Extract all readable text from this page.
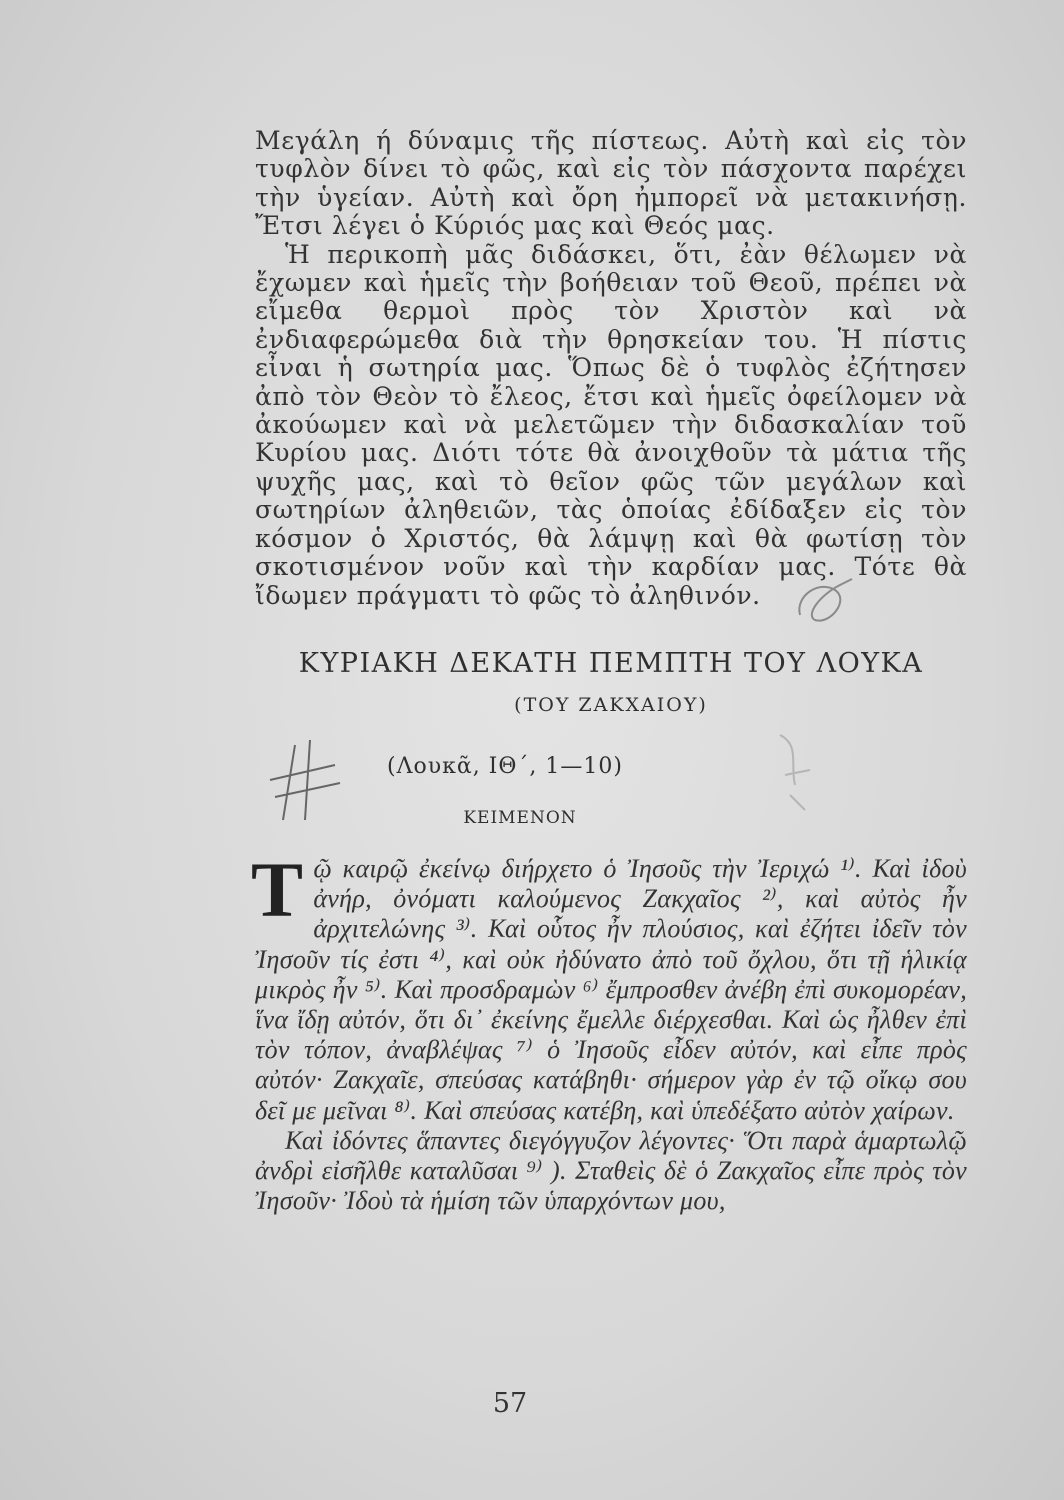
Μεγάλη ή δύναμις τῆς πίστεως. Αὐτὴ καὶ εἰς τὸν τυφλὸν δίνει τὸ φῶς, καὶ εἰς τὸν πάσχοντα παρέχει τὴν ὑγείαν. Αὐτὴ καὶ ὄρη ἠμπορεῖ νὰ μετακινήσῃ. Ἔτσι λέγει ὁ Κύριός μας καὶ Θεός μας.

Ἡ περικοπὴ μᾶς διδάσκει, ὅτι, ἐὰν θέλωμεν νὰ ἔχωμεν καὶ ἡμεῖς τὴν βοήθειαν τοῦ Θεοῦ, πρέπει νὰ εἴμεθα θερμοὶ πρὸς τὸν Χριστὸν καὶ νὰ ἐνδιαφερώμεθα διὰ τὴν θρησκείαν του. Ἡ πίστις εἶναι ἡ σωτηρία μας. Ὅπως δὲ ὁ τυφλὸς ἐζήτησεν ἀπὸ τὸν Θεὸν τὸ ἔλεος, ἔτσι καὶ ἡμεῖς ὀφείλομεν νὰ ἀκούωμεν καὶ νὰ μελετῶμεν τὴν διδασκαλίαν τοῦ Κυρίου μας. Διότι τότε θὰ ἀνοιχθοῦν τὰ μάτια τῆς ψυχῆς μας, καὶ τὸ θεῖον φῶς τῶν μεγάλων καὶ σωτηρίων ἀληθειῶν, τὰς ὁποίας ἐδίδαξεν εἰς τὸν κόσμον ὁ Χριστός, θὰ λάμψῃ καὶ θὰ φωτίσῃ τὸν σκοτισμένον νοῦν καὶ τὴν καρδίαν μας. Τότε θὰ ἴδωμεν πράγματι τὸ φῶς τὸ ἀληθινόν.

ΚΥΡΙΑΚΗ ΔΕΚΑΤΗ ΠΕΜΠΤΗ ΤΟΥ ΛΟΥΚΑ
(ΤΟΥ ΖΑΚΧΑΙΟΥ)
(Λουκᾶ, ΙΘ΄, 1—10)
ΚΕΙΜΕΝΟΝ

Τῷ καιρῷ ἐκείνῳ διήρχετο ὁ Ἰησοῦς τὴν Ἰεριχώ ¹⁾. Καὶ ἰδοὺ ἀνήρ, ὀνόματι καλούμενος Ζακχαῖος ²⁾, καὶ αὐτὸς ἦν ἀρχιτελώνης ³⁾. Καὶ οὗτος ἦν πλούσιος, καὶ ἐζήτει ἰδεῖν τὸν Ἰησοῦν τίς ἐστι ⁴⁾, καὶ οὐκ ἠδύνατο ἀπὸ τοῦ ὄχλου, ὅτι τῇ ἡλικίᾳ μικρὸς ἦν ⁵⁾. Καὶ προσδραμὼν ⁶⁾ ἔμπροσθεν ἀνέβη ἐπὶ συκομορέαν, ἵνα ἴδῃ αὐτόν, ὅτι δι᾽ ἐκείνης ἔμελλε διέρχεσθαι. Καὶ ὡς ἦλθεν ἐπὶ τὸν τόπον, ἀναβλέψας ⁷⁾ ὁ Ἰησοῦς εἶδεν αὐτόν, καὶ εἶπε πρὸς αὐτόν· Ζακχαῖε, σπεύσας κατάβηθι· σήμερον γὰρ ἐν τῷ οἴκῳ σου δεῖ με μεῖναι ⁸⁾. Καὶ σπεύσας κατέβη, καὶ ὑπεδέξατο αὐτὸν χαίρων.

Καὶ ἰδόντες ἅπαντες διεγόγγυζον λέγοντες· Ὅτι παρὰ ἁμαρτωλῷ ἀνδρὶ εἰσῆλθε καταλῦσαι ⁹⁾ ). Σταθεὶς δὲ ὁ Ζακχαῖος εἶπε πρὸς τὸν Ἰησοῦν· Ἰδοὺ τὰ ἡμίση τῶν ὑπαρχόντων μου,

57
